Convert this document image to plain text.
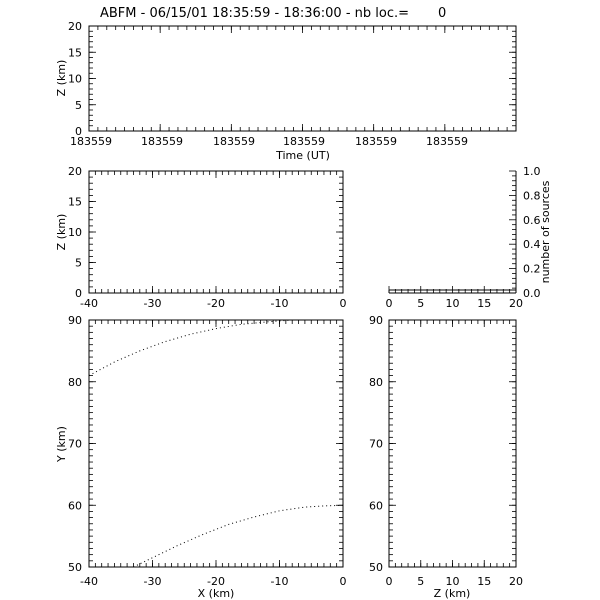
ABFM - 06/15/01 18:35:59 - 18:36:00 - nb loc.=       0
183559	183559	183559	183559	183559	183559
0
5
10
15
20
Time (UT)
Z (km)
-40	-30	-20	-10	0
0
5
10
15
20
Z (km)
0 5 10 15 20
0.0
0.2
0.4
0.6
0.8
1.0
number of sources
-40	-30	-20	-10	0
50
60
70
80
90
X (km)
Y (km)
0 5 10 15 20
50
60
70
80
90
Z (km)
